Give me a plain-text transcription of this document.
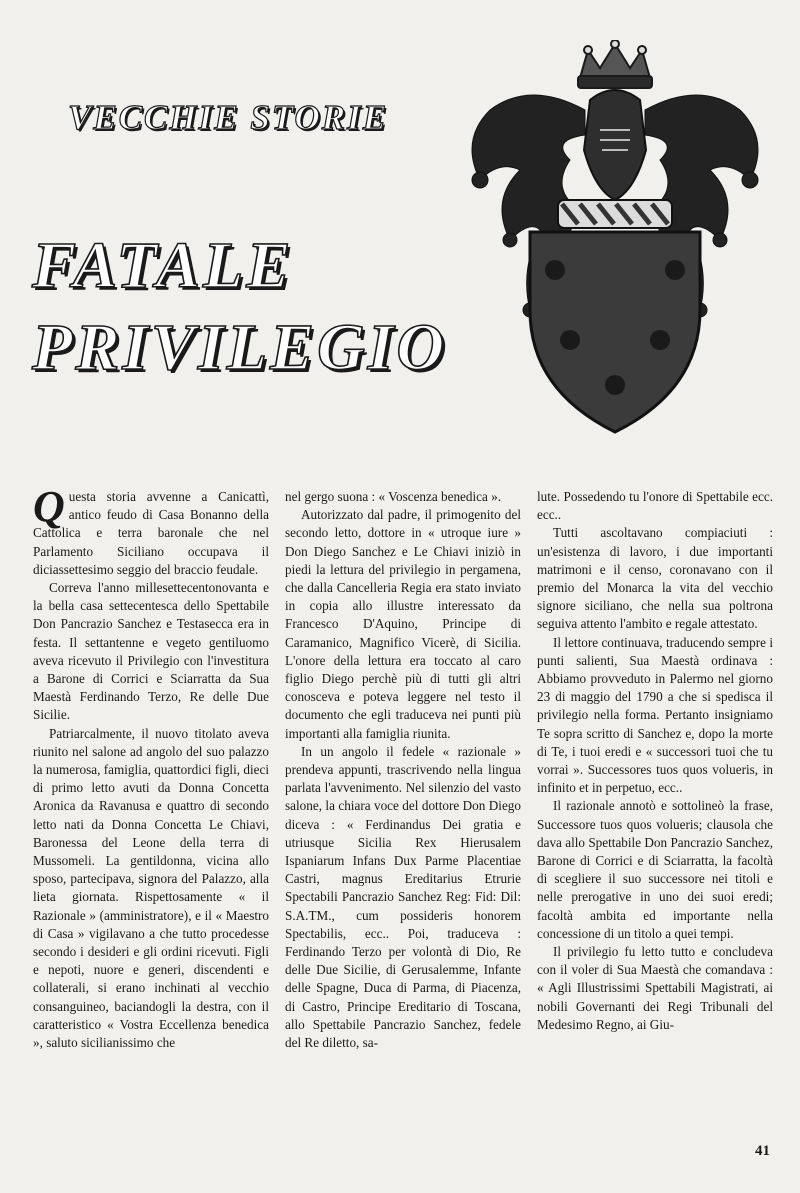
VECCHIE STORIE
FATALE
PRIVILEGIO

Questa storia avvenne a Canicattì, antico feudo di Casa Bonanno della Cattolica e terra baronale che nel Parlamento Siciliano occupava il diciassettesimo seggio del braccio feudale.

Correva l'anno millesettecentonovanta e la bella casa settecentesca dello Spettabile Don Pancrazio Sanchez e Testasecca era in festa. Il settantenne e vegeto gentiluomo aveva ricevuto il Privilegio con l'investitura a Barone di Corrici e Sciarratta da Sua Maestà Ferdinando Terzo, Re delle Due Sicilie.

Patriarcalmente, il nuovo titolato aveva riunito nel salone ad angolo del suo palazzo la numerosa, famiglia, quattordici figli, dieci di primo letto avuti da Donna Concetta Aronica da Ravanusa e quattro di secondo letto nati da Donna Concetta Le Chiavi, Baronessa del Leone della terra di Mussomeli. La gentildonna, vicina allo sposo, partecipava, signora del Palazzo, alla lieta giornata. Rispettosamente « il Razionale » (amministratore), e il « Maestro di Casa » vigilavano a che tutto procedesse secondo i desideri e gli ordini ricevuti. Figli e nepoti, nuore e generi, discendenti e collaterali, si erano inchinati al vecchio consanguineo, baciandogli la destra, con il caratteristico « Vostra Eccellenza benedica », saluto sicilianissimo che

nel gergo suona : « Voscenza benedica ».

Autorizzato dal padre, il primogenito del secondo letto, dottore in « utroque iure » Don Diego Sanchez e Le Chiavi iniziò in piedi la lettura del privilegio in pergamena, che dalla Cancelleria Regia era stato inviato in copia allo illustre interessato da Francesco D'Aquino, Principe di Caramanico, Magnifico Vicerè, di Sicilia. L'onore della lettura era toccato al caro figlio Diego perchè più di tutti gli altri conosceva e poteva leggere nel testo il documento che egli traduceva nei punti più importanti alla famiglia riunita.

In un angolo il fedele « razionale » prendeva appunti, trascrivendo nella lingua parlata l'avvenimento. Nel silenzio del vasto salone, la chiara voce del dottore Don Diego diceva : « Ferdinandus Dei gratia e utriusque Sicilia Rex Hierusalem Ispaniarum Infans Dux Parme Placentiae Castri, magnus Ereditarius Etrurie Spectabili Pancrazio Sanchez Reg: Fid: Dil: S.A.TM., cum possideris honorem Spectabilis, ecc.. Poi, traduceva : Ferdinando Terzo per volontà di Dio, Re delle Due Sicilie, di Gerusalemme, Infante delle Spagne, Duca di Parma, di Piacenza, di Castro, Principe Ereditario di Toscana, allo Spettabile Pancrazio Sanchez, fedele del Re diletto, sa-

lute. Possedendo tu l'onore di Spettabile ecc. ecc..

Tutti ascoltavano compiaciuti : un'esistenza di lavoro, i due importanti matrimoni e il censo, coronavano con il premio del Monarca la vita del vecchio signore siciliano, che nella sua poltrona seguiva attento l'ambito e regale attestato.

Il lettore continuava, traducendo sempre i punti salienti, Sua Maestà ordinava : Abbiamo provveduto in Palermo nel giorno 23 di maggio del 1790 a che si spedisca il privilegio nella forma. Pertanto insigniamo Te sopra scritto di Sanchez e, dopo la morte di Te, i tuoi eredi e « successori tuoi che tu vorrai ». Successores tuos quos volueris, in infinito et in perpetuo, ecc..

Il razionale annotò e sottolineò la frase, Successore tuos quos volueris; clausola che dava allo Spettabile Don Pancrazio Sanchez, Barone di Corrici e di Sciarratta, la facoltà di scegliere il suo successore nei titoli e nelle prerogative in uno dei suoi eredi; facoltà ambita ed importante nella concessione di un titolo a quei tempi.

Il privilegio fu letto tutto e concludeva con il voler di Sua Maestà che comandava : « Agli Illustrissimi Spettabili Magistrati, ai nobili Governanti dei Regi Tribunali del Medesimo Regno, ai Giu-

41
